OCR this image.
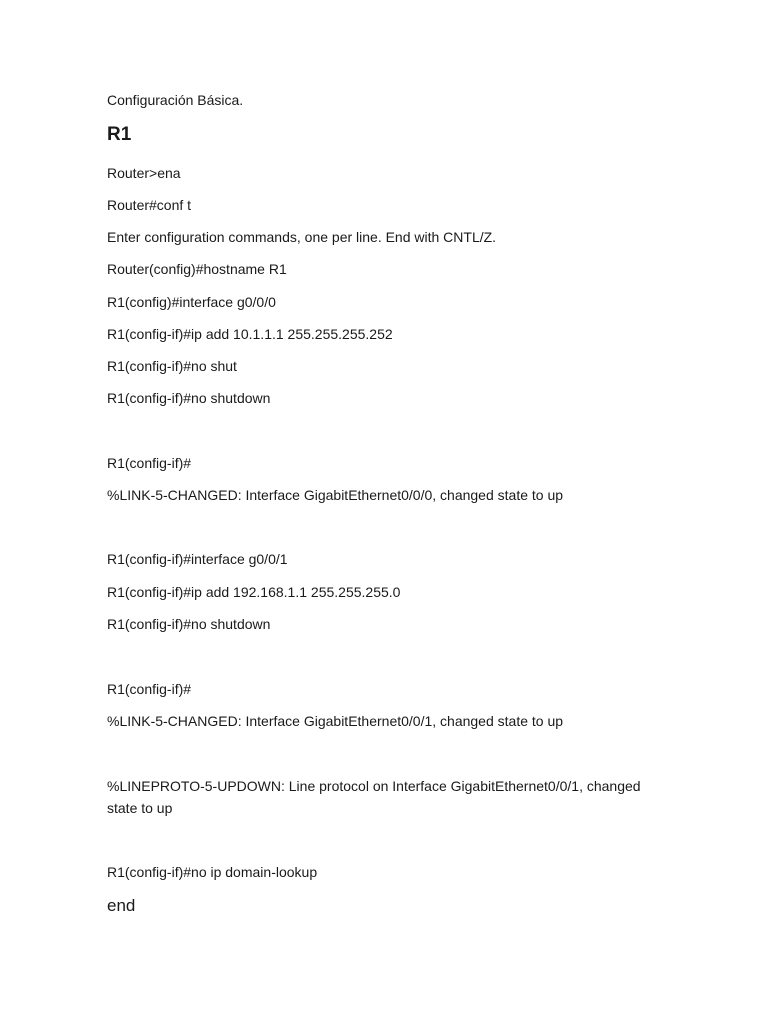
Configuración Básica.
R1
Router>ena
Router#conf t
Enter configuration commands, one per line. End with CNTL/Z.
Router(config)#hostname R1
R1(config)#interface g0/0/0
R1(config-if)#ip add 10.1.1.1 255.255.255.252
R1(config-if)#no shut
R1(config-if)#no shutdown
R1(config-if)#
%LINK-5-CHANGED: Interface GigabitEthernet0/0/0, changed state to up
R1(config-if)#interface g0/0/1
R1(config-if)#ip add 192.168.1.1 255.255.255.0
R1(config-if)#no shutdown
R1(config-if)#
%LINK-5-CHANGED: Interface GigabitEthernet0/0/1, changed state to up
%LINEPROTO-5-UPDOWN: Line protocol on Interface GigabitEthernet0/0/1, changed state to up
R1(config-if)#no ip domain-lookup
end
